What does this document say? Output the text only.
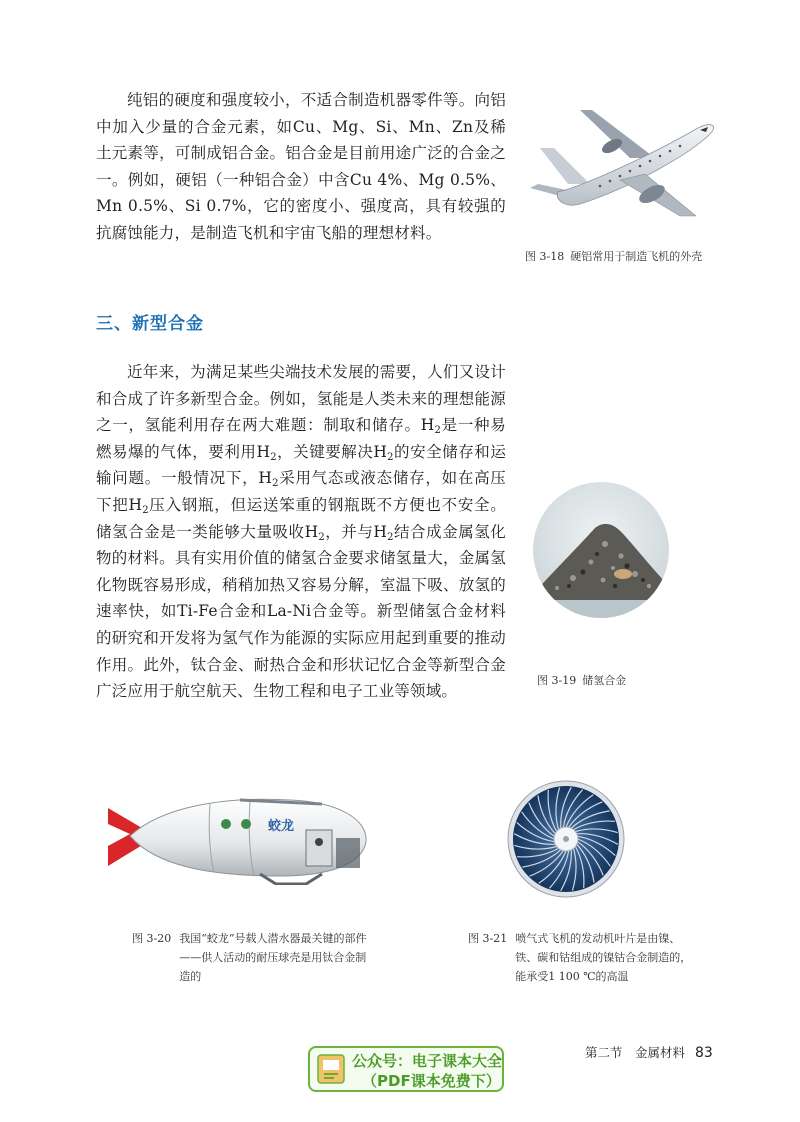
纯铝的硬度和强度较小，不适合制造机器零件等。向铝中加入少量的合金元素，如Cu、Mg、Si、Mn、Zn及稀土元素等，可制成铝合金。铝合金是目前用途广泛的合金之一。例如，硬铝（一种铝合金）中含Cu 4%、Mg 0.5%、Mn 0.5%、Si 0.7%，它的密度小、强度高，具有较强的抗腐蚀能力，是制造飞机和宇宙飞船的理想材料。

三、新型合金

近年来，为满足某些尖端技术发展的需要，人们又设计和合成了许多新型合金。例如，氢能是人类未来的理想能源之一，氢能利用存在两大难题：制取和储存。$H_2$是一种易燃易爆的气体，要利用$H_2$，关键要解决$H_2$的安全储存和运输问题。一般情况下，$H_2$采用气态或液态储存，如在高压下把$H_2$压入钢瓶，但运送笨重的钢瓶既不方便也不安全。储氢合金是一类能够大量吸收$H_2$，并与$H_2$结合成金属氢化物的材料。具有实用价值的储氢合金要求储氢量大，金属氢化物既容易形成，稍稍加热又容易分解，室温下吸、放氢的速率快，如Ti-Fe合金和La-Ni合金等。新型储氢合金材料的研究和开发将为氢气作为能源的实际应用起到重要的推动作用。此外，钛合金、耐热合金和形状记忆合金等新型合金广泛应用于航空航天、生物工程和电子工业等领域。

图 3-18 硬铝常用于制造飞机的外壳
图 3-19 储氢合金
蛟龙
图 3-20 我国“蛟龙”号载人潜水器最关键的部件——供人活动的耐压球壳是用钛合金制造的
图 3-21 喷气式飞机的发动机叶片是由镍、铁、碳和钴组成的镍钴合金制造的，能承受1 100 ℃的高温
公众号：电子课本大全
（PDF课本免费下）
第二节　金属材料 83
